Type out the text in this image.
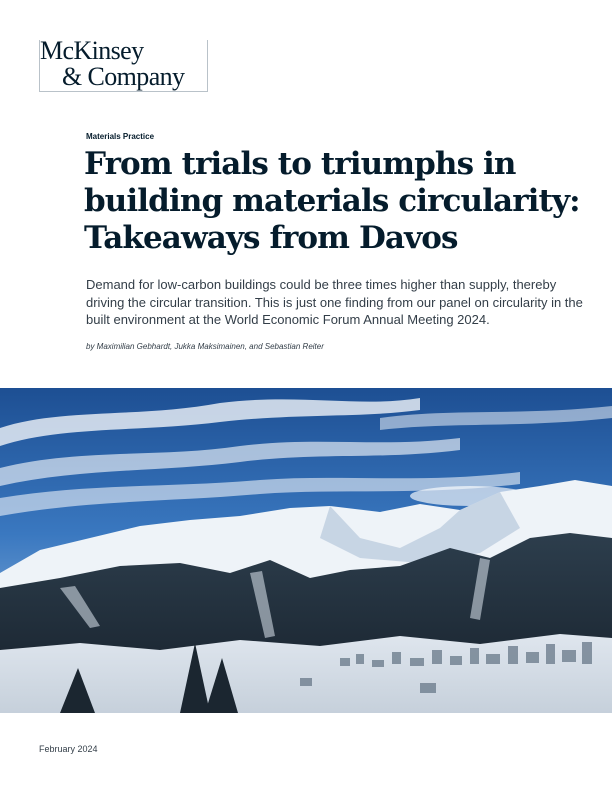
McKinsey
& Company
Materials Practice
From trials to triumphs in
building materials circularity:
Takeaways from Davos

Demand for low-carbon buildings could be three times higher than supply, thereby driving the circular transition. This is just one finding from our panel on circularity in the built environment at the World Economic Forum Annual Meeting 2024.

by Maximilian Gebhardt, Jukka Maksimainen, and Sebastian Reiter
February 2024
